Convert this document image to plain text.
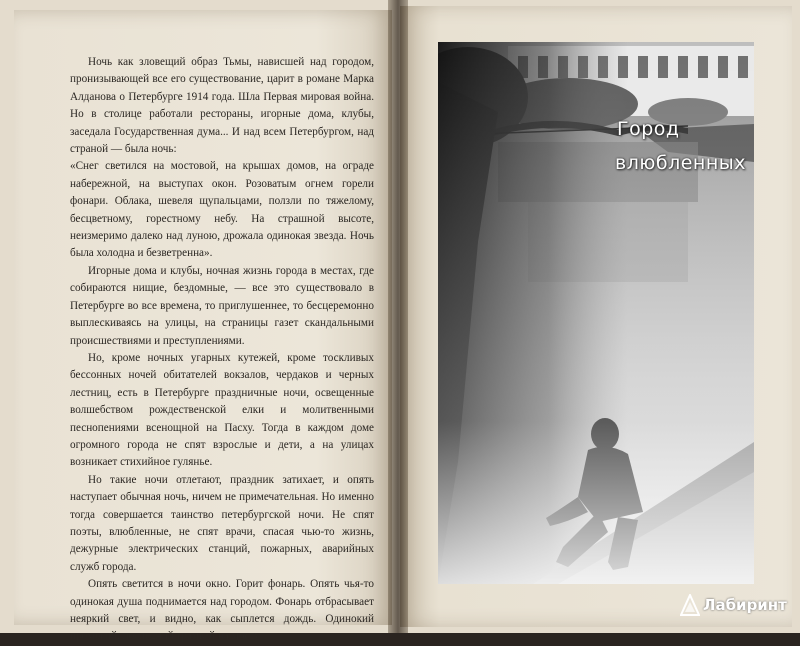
Ночь как зловещий образ Тьмы, нависшей над городом, пронизывающей все его существование, царит в романе Марка Алданова о Петербурге 1914 года. Шла Первая мировая война. Но в столице работали рестораны, игорные дома, клубы, заседала Государственная дума... И над всем Петербургом, над страной — была ночь:

«Снег светился на мостовой, на крышах домов, на ограде набережной, на выступах окон. Розоватым огнем горели фонари. Облака, шевеля щупальцами, ползли по тяжелому, бесцветному, горестному небу. На страшной высоте, неизмеримо далеко над луною, дрожала одинокая звезда. Ночь была холодна и безветренна».

Игорные дома и клубы, ночная жизнь города в местах, где собираются нищие, бездомные, — все это существовало в Петербурге во все времена, то приглушеннее, то бесцеремонно выплескиваясь на улицы, на страницы газет скандальными происшествиями и преступлениями.

Но, кроме ночных угарных кутежей, кроме тоскливых бессонных ночей обитателей вокзалов, чердаков и черных лестниц, есть в Петербурге праздничные ночи, освещенные волшебством рождественской елки и молитвенными песнопениями всенощной на Пасху. Тогда в каждом доме огромного города не спят взрослые и дети, а на улицах возникает стихийное гулянье.

Но такие ночи отлетают, праздник затихает, и опять наступает обычная ночь, ничем не примечательная. Но именно тогда совершается таинство петербургской ночи. Не спят поэты, влюбленные, не спят врачи, спасая чью-то жизнь, дежурные электрических станций, пожарных, аварийных служб города.

Опять светится в ночи окно. Горит фонарь. Опять чья-то одинокая душа поднимается над городом. Фонарь отбрасывает неяркий свет, и видно, как сыплется дождь. Одинокий прохожий, последний трамвай на мосту...

Город
влюбленных
Лабиринт
